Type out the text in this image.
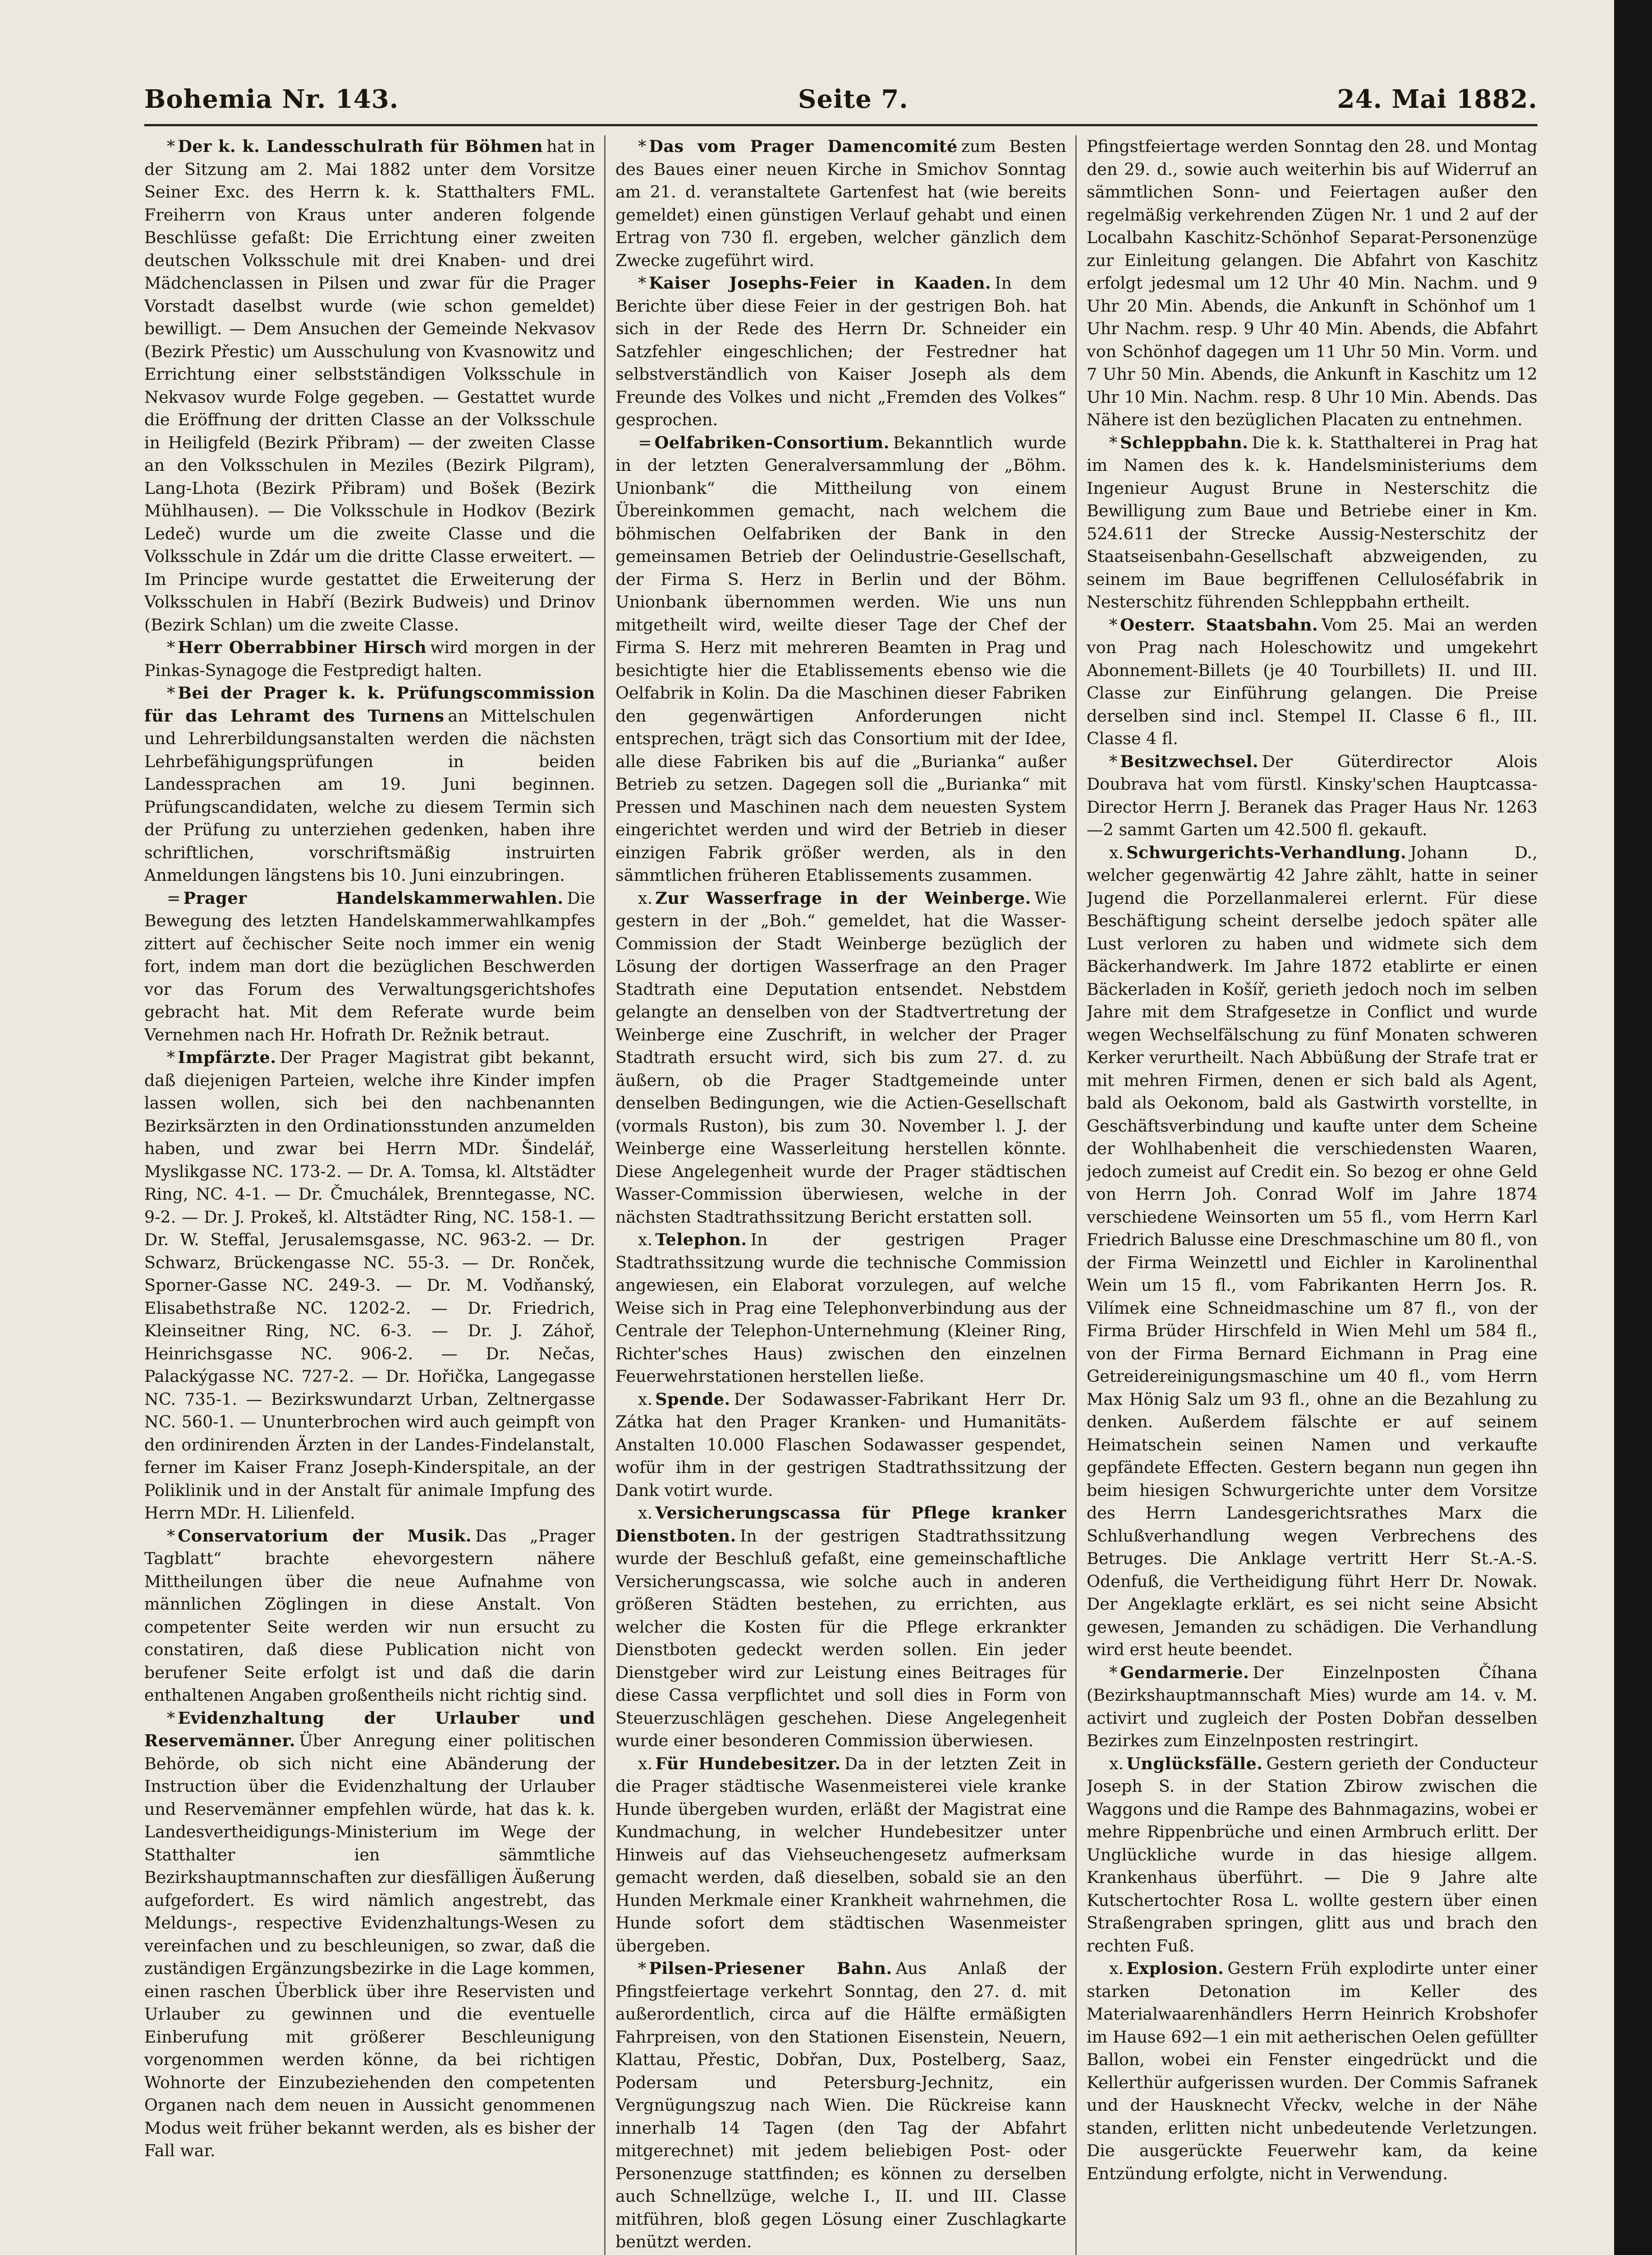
Bohemia Nr. 143.	Seite 7.	24. Mai 1882.

* Der k. k. Landesschulrath für Böhmen hat in der Sitzung am 2. Mai 1882 unter dem Vorsitze Seiner Exc. des Herrn k. k. Statthalters FML. Freiherrn von Kraus unter anderen folgende Beschlüsse gefaßt: Die Errichtung einer zweiten deutschen Volksschule mit drei Knaben- und drei Mädchenclassen in Pilsen und zwar für die Prager Vorstadt daselbst wurde (wie schon gemeldet) bewilligt. — Dem Ansuchen der Gemeinde Nekvasov (Bezirk Přestic) um Ausschulung von Kvasnowitz und Errichtung einer selbstständigen Volksschule in Nekvasov wurde Folge gegeben. — Gestattet wurde die Eröffnung der dritten Classe an der Volksschule in Heiligfeld (Bezirk Přibram) — der zweiten Classe an den Volksschulen in Meziles (Bezirk Pilgram), Lang-Lhota (Bezirk Přibram) und Bošek (Bezirk Mühlhausen). — Die Volksschule in Hodkov (Bezirk Ledeč) wurde um die zweite Classe und die Volksschule in Zdár um die dritte Classe erweitert. — Im Principe wurde gestattet die Erweiterung der Volksschulen in Habří (Bezirk Budweis) und Drinov (Bezirk Schlan) um die zweite Classe.

* Herr Oberrabbiner Hirsch wird morgen in der Pinkas-Synagoge die Festpredigt halten.

* Bei der Prager k. k. Prüfungscommission für das Lehramt des Turnens an Mittelschulen und Lehrerbildungsanstalten werden die nächsten Lehrbefähigungsprüfungen in beiden Landessprachen am 19. Juni beginnen. Prüfungscandidaten, welche zu diesem Termin sich der Prüfung zu unterziehen gedenken, haben ihre schriftlichen, vorschriftsmäßig instruirten Anmeldungen längstens bis 10. Juni einzubringen.

= Prager Handelskammerwahlen. Die Bewegung des letzten Handelskammerwahlkampfes zittert auf čechischer Seite noch immer ein wenig fort, indem man dort die bezüglichen Beschwerden vor das Forum des Verwaltungsgerichtshofes gebracht hat. Mit dem Referate wurde beim Vernehmen nach Hr. Hofrath Dr. Režnik betraut.

* Impfärzte. Der Prager Magistrat gibt bekannt, daß diejenigen Parteien, welche ihre Kinder impfen lassen wollen, sich bei den nachbenannten Bezirksärzten in den Ordinationsstunden anzumelden haben, und zwar bei Herrn MDr. Šindelář, Myslikgasse NC. 173-2. — Dr. A. Tomsa, kl. Altstädter Ring, NC. 4-1. — Dr. Čmuchálek, Brenntegasse, NC. 9-2. — Dr. J. Prokeš, kl. Altstädter Ring, NC. 158-1. — Dr. W. Steffal, Jerusalemsgasse, NC. 963-2. — Dr. Schwarz, Brückengasse NC. 55-3. — Dr. Ronček, Sporner-Gasse NC. 249-3. — Dr. M. Vodňanský, Elisabethstraße NC. 1202-2. — Dr. Friedrich, Kleinseitner Ring, NC. 6-3. — Dr. J. Záhoř, Heinrichsgasse NC. 906-2. — Dr. Nečas, Palackýgasse NC. 727-2. — Dr. Hořička, Langegasse NC. 735-1. — Bezirkswundarzt Urban, Zeltnergasse NC. 560-1. — Ununterbrochen wird auch geimpft von den ordinirenden Ärzten in der Landes-Findelanstalt, ferner im Kaiser Franz Joseph-Kinderspitale, an der Poliklinik und in der Anstalt für animale Impfung des Herrn MDr. H. Lilienfeld.

* Conservatorium der Musik. Das „Prager Tagblatt“ brachte ehevorgestern nähere Mittheilungen über die neue Aufnahme von männlichen Zöglingen in diese Anstalt. Von competenter Seite werden wir nun ersucht zu constatiren, daß diese Publication nicht von berufener Seite erfolgt ist und daß die darin enthaltenen Angaben großentheils nicht richtig sind.

* Evidenzhaltung der Urlauber und Reservemänner. Über Anregung einer politischen Behörde, ob sich nicht eine Abänderung der Instruction über die Evidenzhaltung der Urlauber und Reservemänner empfehlen würde, hat das k. k. Landesvertheidigungs-Ministerium im Wege der Statthalter ien sämmtliche Bezirkshauptmannschaften zur diesfälligen Äußerung aufgefordert. Es wird nämlich angestrebt, das Meldungs-, respective Evidenzhaltungs-Wesen zu vereinfachen und zu beschleunigen, so zwar, daß die zuständigen Ergänzungsbezirke in die Lage kommen, einen raschen Überblick über ihre Reservisten und Urlauber zu gewinnen und die eventuelle Einberufung mit größerer Beschleunigung vorgenommen werden könne, da bei richtigen Wohnorte der Einzubeziehenden den competenten Organen nach dem neuen in Aussicht genommenen Modus weit früher bekannt werden, als es bisher der Fall war.

* Das vom Prager Damencomité zum Besten des Baues einer neuen Kirche in Smichov Sonntag am 21. d. veranstaltete Gartenfest hat (wie bereits gemeldet) einen günstigen Verlauf gehabt und einen Ertrag von 730 fl. ergeben, welcher gänzlich dem Zwecke zugeführt wird.

* Kaiser Josephs-Feier in Kaaden. In dem Berichte über diese Feier in der gestrigen Boh. hat sich in der Rede des Herrn Dr. Schneider ein Satzfehler eingeschlichen; der Festredner hat selbstverständlich von Kaiser Joseph als dem Freunde des Volkes und nicht „Fremden des Volkes“ gesprochen.

= Oelfabriken-Consortium. Bekanntlich wurde in der letzten Generalversammlung der „Böhm. Unionbank“ die Mittheilung von einem Übereinkommen gemacht, nach welchem die böhmischen Oelfabriken der Bank in den gemeinsamen Betrieb der Oelindustrie-Gesellschaft, der Firma S. Herz in Berlin und der Böhm. Unionbank übernommen werden. Wie uns nun mitgetheilt wird, weilte dieser Tage der Chef der Firma S. Herz mit mehreren Beamten in Prag und besichtigte hier die Etablissements ebenso wie die Oelfabrik in Kolin. Da die Maschinen dieser Fabriken den gegenwärtigen Anforderungen nicht entsprechen, trägt sich das Consortium mit der Idee, alle diese Fabriken bis auf die „Burianka“ außer Betrieb zu setzen. Dagegen soll die „Burianka“ mit Pressen und Maschinen nach dem neuesten System eingerichtet werden und wird der Betrieb in dieser einzigen Fabrik größer werden, als in den sämmtlichen früheren Etablissements zusammen.

x. Zur Wasserfrage in der Weinberge. Wie gestern in der „Boh.“ gemeldet, hat die Wasser-Commission der Stadt Weinberge bezüglich der Lösung der dortigen Wasserfrage an den Prager Stadtrath eine Deputation entsendet. Nebstdem gelangte an denselben von der Stadtvertretung der Weinberge eine Zuschrift, in welcher der Prager Stadtrath ersucht wird, sich bis zum 27. d. zu äußern, ob die Prager Stadtgemeinde unter denselben Bedingungen, wie die Actien-Gesellschaft (vormals Ruston), bis zum 30. November l. J. der Weinberge eine Wasserleitung herstellen könnte. Diese Angelegenheit wurde der Prager städtischen Wasser-Commission überwiesen, welche in der nächsten Stadtrathssitzung Bericht erstatten soll.

x. Telephon. In der gestrigen Prager Stadtrathssitzung wurde die technische Commission angewiesen, ein Elaborat vorzulegen, auf welche Weise sich in Prag eine Telephonverbindung aus der Centrale der Telephon-Unternehmung (Kleiner Ring, Richter'sches Haus) zwischen den einzelnen Feuerwehrstationen herstellen ließe.

x. Spende. Der Sodawasser-Fabrikant Herr Dr. Zátka hat den Prager Kranken- und Humanitäts-Anstalten 10.000 Flaschen Sodawasser gespendet, wofür ihm in der gestrigen Stadtrathssitzung der Dank votirt wurde.

x. Versicherungscassa für Pflege kranker Dienstboten. In der gestrigen Stadtrathssitzung wurde der Beschluß gefaßt, eine gemeinschaftliche Versicherungscassa, wie solche auch in anderen größeren Städten bestehen, zu errichten, aus welcher die Kosten für die Pflege erkrankter Dienstboten gedeckt werden sollen. Ein jeder Dienstgeber wird zur Leistung eines Beitrages für diese Cassa verpflichtet und soll dies in Form von Steuerzuschlägen geschehen. Diese Angelegenheit wurde einer besonderen Commission überwiesen.

x. Für Hundebesitzer. Da in der letzten Zeit in die Prager städtische Wasenmeisterei viele kranke Hunde übergeben wurden, erläßt der Magistrat eine Kundmachung, in welcher Hundebesitzer unter Hinweis auf das Viehseuchengesetz aufmerksam gemacht werden, daß dieselben, sobald sie an den Hunden Merkmale einer Krankheit wahrnehmen, die Hunde sofort dem städtischen Wasenmeister übergeben.

* Pilsen-Priesener Bahn. Aus Anlaß der Pfingstfeiertage verkehrt Sonntag, den 27. d. mit außerordentlich, circa auf die Hälfte ermäßigten Fahrpreisen, von den Stationen Eisenstein, Neuern, Klattau, Přestic, Dobřan, Dux, Postelberg, Saaz, Podersam und Petersburg-Jechnitz, ein Vergnügungszug nach Wien. Die Rückreise kann innerhalb 14 Tagen (den Tag der Abfahrt mitgerechnet) mit jedem beliebigen Post- oder Personenzuge stattfinden; es können zu derselben auch Schnellzüge, welche I., II. und III. Classe mitführen, bloß gegen Lösung einer Zuschlagkarte benützt werden.

Pfingstfeiertage werden Sonntag den 28. und Montag den 29. d., sowie auch weiterhin bis auf Widerruf an sämmtlichen Sonn- und Feiertagen außer den regelmäßig verkehrenden Zügen Nr. 1 und 2 auf der Localbahn Kaschitz-Schönhof Separat-Personenzüge zur Einleitung gelangen. Die Abfahrt von Kaschitz erfolgt jedesmal um 12 Uhr 40 Min. Nachm. und 9 Uhr 20 Min. Abends, die Ankunft in Schönhof um 1 Uhr Nachm. resp. 9 Uhr 40 Min. Abends, die Abfahrt von Schönhof dagegen um 11 Uhr 50 Min. Vorm. und 7 Uhr 50 Min. Abends, die Ankunft in Kaschitz um 12 Uhr 10 Min. Nachm. resp. 8 Uhr 10 Min. Abends. Das Nähere ist den bezüglichen Placaten zu entnehmen.

* Schleppbahn. Die k. k. Statthalterei in Prag hat im Namen des k. k. Handelsministeriums dem Ingenieur August Brune in Nesterschitz die Bewilligung zum Baue und Betriebe einer in Km. 524.611 der Strecke Aussig-Nesterschitz der Staatseisenbahn-Gesellschaft abzweigenden, zu seinem im Baue begriffenen Celluloséfabrik in Nesterschitz führenden Schleppbahn ertheilt.

* Oesterr. Staatsbahn. Vom 25. Mai an werden von Prag nach Holeschowitz und umgekehrt Abonnement-Billets (je 40 Tourbillets) II. und III. Classe zur Einführung gelangen. Die Preise derselben sind incl. Stempel II. Classe 6 fl., III. Classe 4 fl.

* Besitzwechsel. Der Güterdirector Alois Doubrava hat vom fürstl. Kinsky'schen Hauptcassa-Director Herrn J. Beranek das Prager Haus Nr. 1263—2 sammt Garten um 42.500 fl. gekauft.

x. Schwurgerichts-Verhandlung. Johann D., welcher gegenwärtig 42 Jahre zählt, hatte in seiner Jugend die Porzellanmalerei erlernt. Für diese Beschäftigung scheint derselbe jedoch später alle Lust verloren zu haben und widmete sich dem Bäckerhandwerk. Im Jahre 1872 etablirte er einen Bäckerladen in Košíř, gerieth jedoch noch im selben Jahre mit dem Strafgesetze in Conflict und wurde wegen Wechselfälschung zu fünf Monaten schweren Kerker verurtheilt. Nach Abbüßung der Strafe trat er mit mehren Firmen, denen er sich bald als Agent, bald als Oekonom, bald als Gastwirth vorstellte, in Geschäftsverbindung und kaufte unter dem Scheine der Wohlhabenheit die verschiedensten Waaren, jedoch zumeist auf Credit ein. So bezog er ohne Geld von Herrn Joh. Conrad Wolf im Jahre 1874 verschiedene Weinsorten um 55 fl., vom Herrn Karl Friedrich Balusse eine Dreschmaschine um 80 fl., von der Firma Weinzettl und Eichler in Karolinenthal Wein um 15 fl., vom Fabrikanten Herrn Jos. R. Vilímek eine Schneidmaschine um 87 fl., von der Firma Brüder Hirschfeld in Wien Mehl um 584 fl., von der Firma Bernard Eichmann in Prag eine Getreidereinigungsmaschine um 40 fl., vom Herrn Max Hönig Salz um 93 fl., ohne an die Bezahlung zu denken. Außerdem fälschte er auf seinem Heimatschein seinen Namen und verkaufte gepfändete Effecten. Gestern begann nun gegen ihn beim hiesigen Schwurgerichte unter dem Vorsitze des Herrn Landesgerichtsrathes Marx die Schlußverhandlung wegen Verbrechens des Betruges. Die Anklage vertritt Herr St.-A.-S. Odenfuß, die Vertheidigung führt Herr Dr. Nowak. Der Angeklagte erklärt, es sei nicht seine Absicht gewesen, Jemanden zu schädigen. Die Verhandlung wird erst heute beendet.

* Gendarmerie. Der Einzelnposten Číhana (Bezirkshauptmannschaft Mies) wurde am 14. v. M. activirt und zugleich der Posten Dobřan desselben Bezirkes zum Einzelnposten restringirt.

x. Unglücksfälle. Gestern gerieth der Conducteur Joseph S. in der Station Zbirow zwischen die Waggons und die Rampe des Bahnmagazins, wobei er mehre Rippenbrüche und einen Armbruch erlitt. Der Unglückliche wurde in das hiesige allgem. Krankenhaus überführt. — Die 9 Jahre alte Kutschertochter Rosa L. wollte gestern über einen Straßengraben springen, glitt aus und brach den rechten Fuß.

x. Explosion. Gestern Früh explodirte unter einer starken Detonation im Keller des Materialwaarenhändlers Herrn Heinrich Krobshofer im Hause 692—1 ein mit aetherischen Oelen gefüllter Ballon, wobei ein Fenster eingedrückt und die Kellerthür aufgerissen wurden. Der Commis Safranek und der Hausknecht Vřeckv, welche in der Nähe standen, erlitten nicht unbedeutende Verletzungen. Die ausgerückte Feuerwehr kam, da keine Entzündung erfolgte, nicht in Verwendung.
